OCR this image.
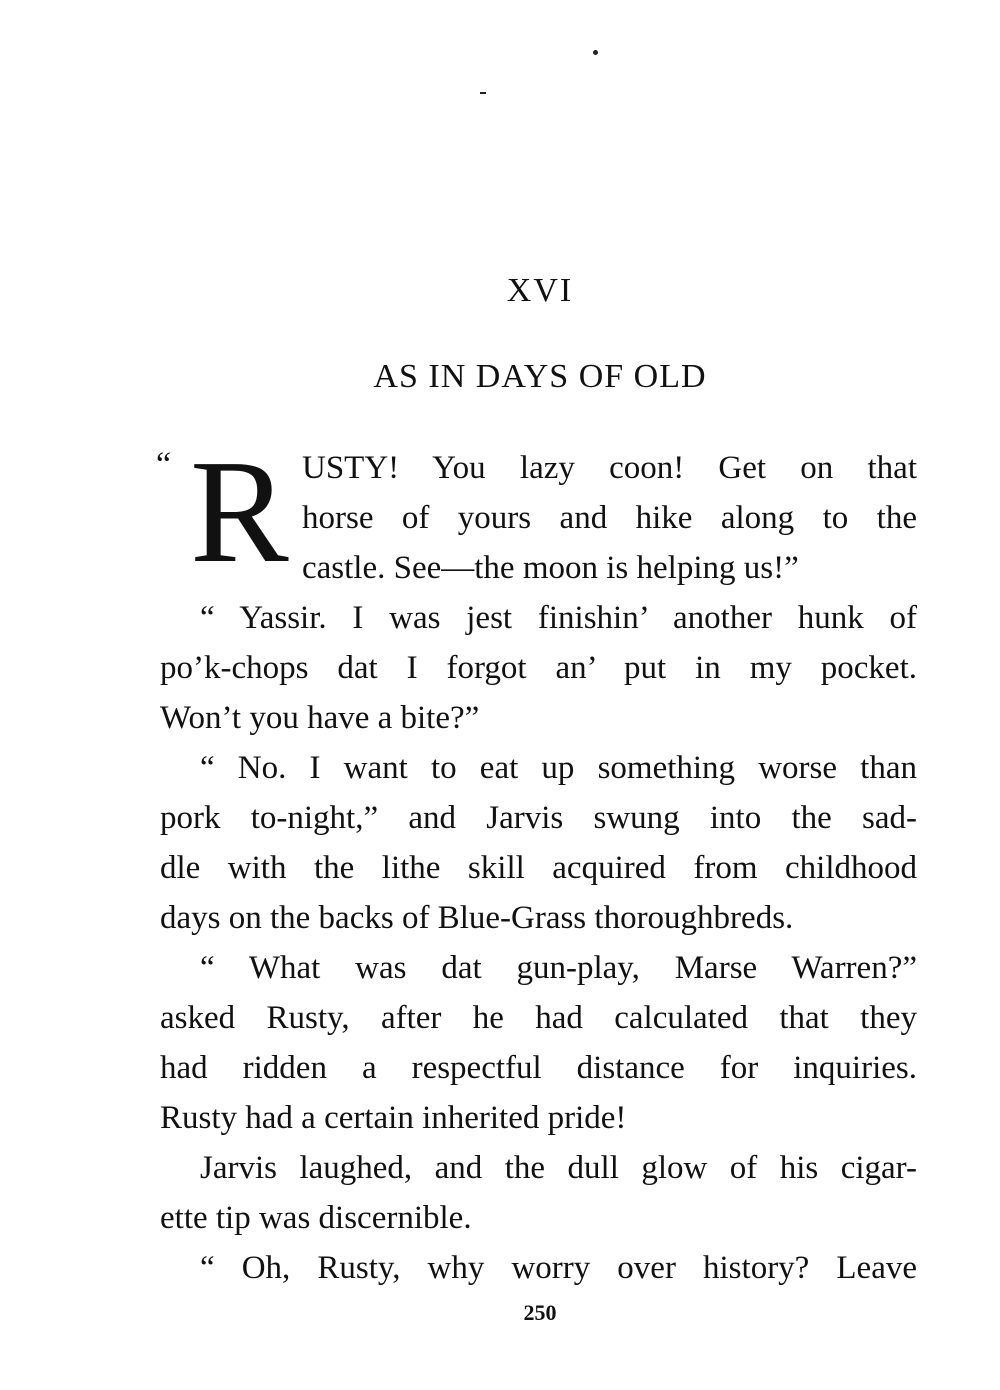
XVI
AS IN DAYS OF OLD
“ R USTY! You lazy coon! Get on that
horse of yours and hike along to the
castle. See—the moon is helping us!”
“ Yassir. I was jest finishin’ another hunk of
po’k-chops dat I forgot an’ put in my pocket.
Won’t you have a bite?”
“ No. I want to eat up something worse than
pork to-night,” and Jarvis swung into the sad-
dle with the lithe skill acquired from childhood
days on the backs of Blue-Grass thoroughbreds.
“ What was dat gun-play, Marse Warren?”
asked Rusty, after he had calculated that they
had ridden a respectful distance for inquiries.
Rusty had a certain inherited pride!
Jarvis laughed, and the dull glow of his cigar-
ette tip was discernible.
“ Oh, Rusty, why worry over history? Leave
250
